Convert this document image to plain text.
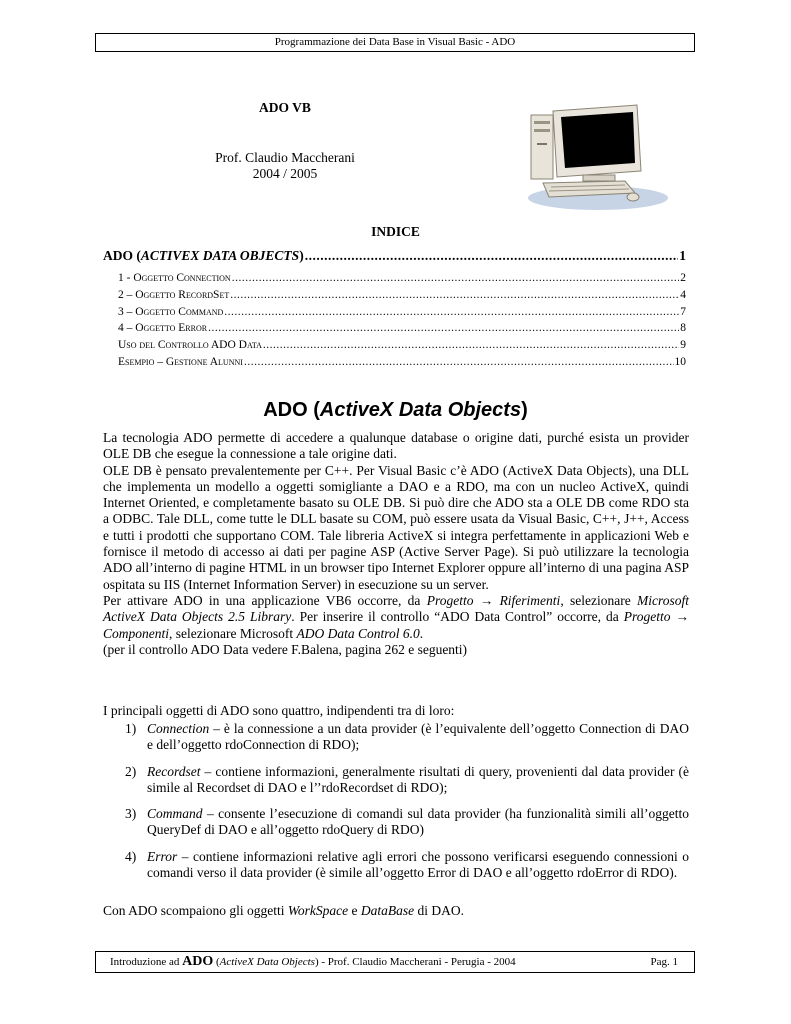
Programmazione dei Data Base in Visual Basic - ADO
ADO VB
Prof. Claudio Maccherani
2004 / 2005
INDICE
ADO (ACTIVEX DATA OBJECTS) .....	1
1 - Oggetto Connection .....	2
2 – Oggetto RecordSet .....	4
3 – Oggetto Command .....	7
4 – Oggetto Error .....	8
Uso del Controllo ADO Data .....	9
Esempio – Gestione Alunni .....	10
ADO (ActiveX Data Objects)
La tecnologia ADO permette di accedere a qualunque database o origine dati, purché esista un provider OLE DB che esegue la connessione a tale origine dati.
OLE DB è pensato prevalentemente per C++. Per Visual Basic c’è ADO (ActiveX Data Objects), una DLL che implementa un modello a oggetti somigliante a DAO e a RDO, ma con un nucleo ActiveX, quindi Internet Oriented, e completamente basato su OLE DB. Si può dire che ADO sta a OLE DB come RDO sta a ODBC. Tale DLL, come tutte le DLL basate su COM, può essere usata da Visual Basic, C++, J++, Access e tutti i prodotti che supportano COM. Tale libreria ActiveX si integra perfettamente in applicazioni Web e fornisce il metodo di accesso ai dati per pagine ASP (Active Server Page). Si può utilizzare la tecnologia ADO all’interno di pagine HTML in un browser tipo Internet Explorer oppure all’interno di una pagina ASP ospitata su IIS (Internet Information Server) in esecuzione su un server.
Per attivare ADO in una applicazione VB6 occorre, da Progetto → Riferimenti, selezionare Microsoft ActiveX Data Objects 2.5 Library. Per inserire il controllo “ADO Data Control” occorre, da Progetto → Componenti, selezionare Microsoft ADO Data Control 6.0.
(per il controllo ADO Data vedere F.Balena, pagina 262 e seguenti)
I principali oggetti di ADO sono quattro, indipendenti tra di loro:
1) Connection – è la connessione a un data provider (è l’equivalente dell’oggetto Connection di DAO e dell’oggetto rdoConnection di RDO);
2) Recordset – contiene informazioni, generalmente risultati di query, provenienti dal data provider (è simile al Recordset di DAO e l’’rdoRecordset di RDO);
3) Command – consente l’esecuzione di comandi sul data provider (ha funzionalità simili all’oggetto QueryDef di DAO e all’oggetto rdoQuery di RDO)
4) Error – contiene informazioni relative agli errori che possono verificarsi eseguendo connessioni o comandi verso il data provider (è simile all’oggetto Error di DAO e all’oggetto rdoError di RDO).
Con ADO scompaiono gli oggetti WorkSpace e DataBase di DAO.
Introduzione ad ADO (ActiveX Data Objects) - Prof. Claudio Maccherani - Perugia - 2004	Pag. 1
